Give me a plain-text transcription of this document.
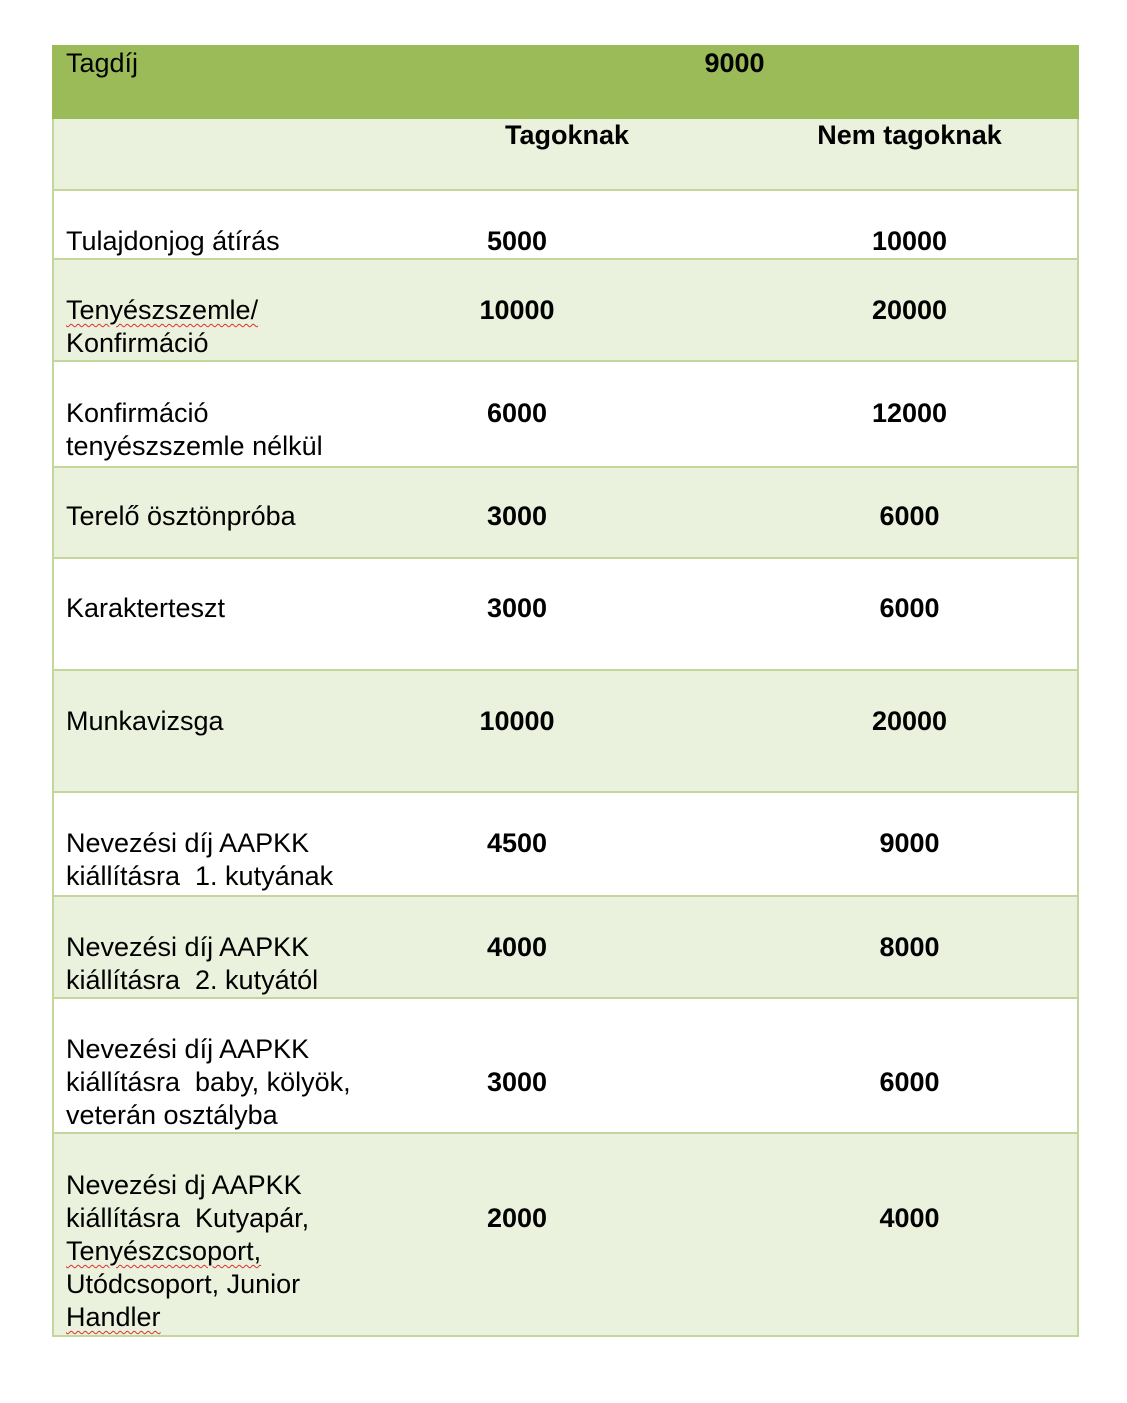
Tagdíj	9000	
	Tagoknak	Nem tagoknak
Tulajdonjog átírás	5000	10000
Tenyészszemle/
Konfirmáció	10000	20000
Konfirmáció
tenyészszemle nélkül	6000	12000
Terelő ösztönpróba	3000	6000
Karakterteszt	3000	6000
Munkavizsga	10000	20000
Nevezési díj AAPKK
kiállításra  1. kutyának	4500	9000
Nevezési díj AAPKK
kiállításra  2. kutyától	4000	8000
Nevezési díj AAPKK
kiállításra  baby, kölyök,
veterán osztályba	3000	6000
Nevezési dj AAPKK
kiállításra  Kutyapár,
Tenyészcsoport,
Utódcsoport, Junior
Handler	2000	4000
